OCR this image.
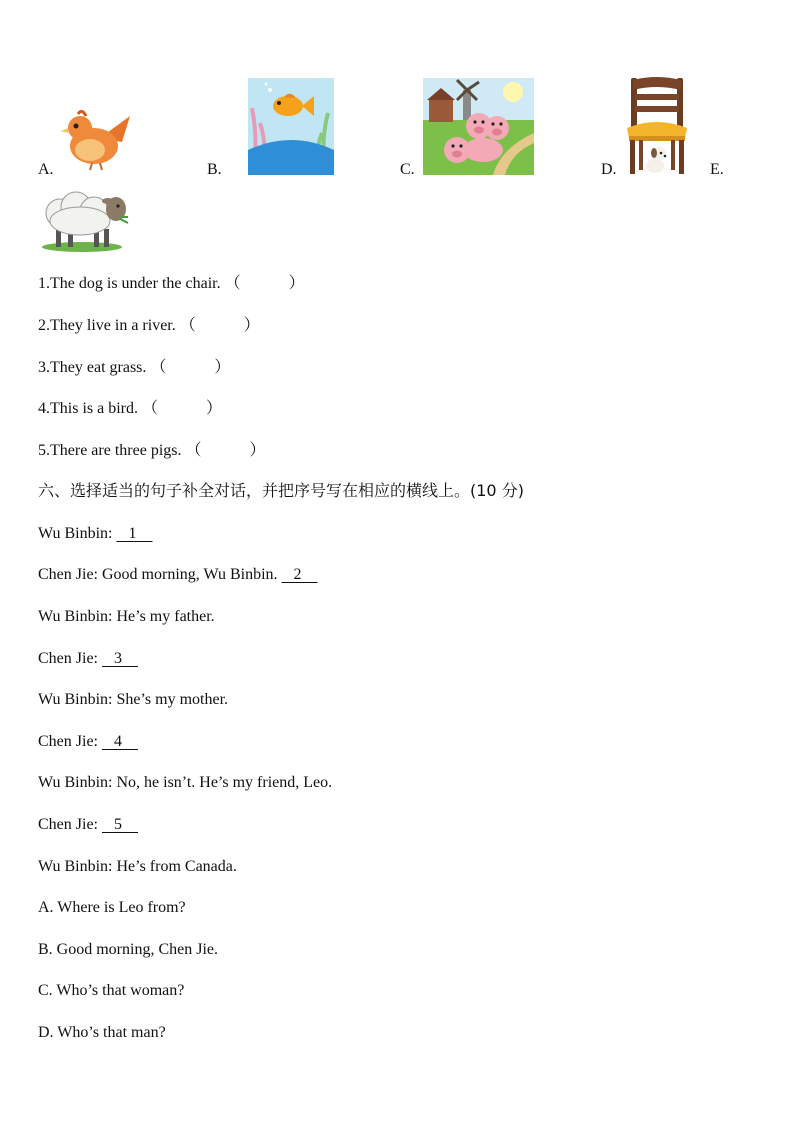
A.	B.	C.	D.	E.
1.The dog is under the chair. （　　　）
2.They live in a river. （　　　）
3.They eat grass. （　　　）
4.This is a bird. （　　　）
5.There are three pigs. （　　　）
六、选择适当的句子补全对话，并把序号写在相应的横线上。(10 分)
Wu Binbin:    1
Chen Jie: Good morning, Wu Binbin.    2
Wu Binbin: He’s my father.
Chen Jie:    3
Wu Binbin: She’s my mother.
Chen Jie:    4
Wu Binbin: No, he isn’t. He’s my friend, Leo.
Chen Jie:    5
Wu Binbin: He’s from Canada.
A. Where is Leo from?
B. Good morning, Chen Jie.
C. Who’s that woman?
D. Who’s that man?
